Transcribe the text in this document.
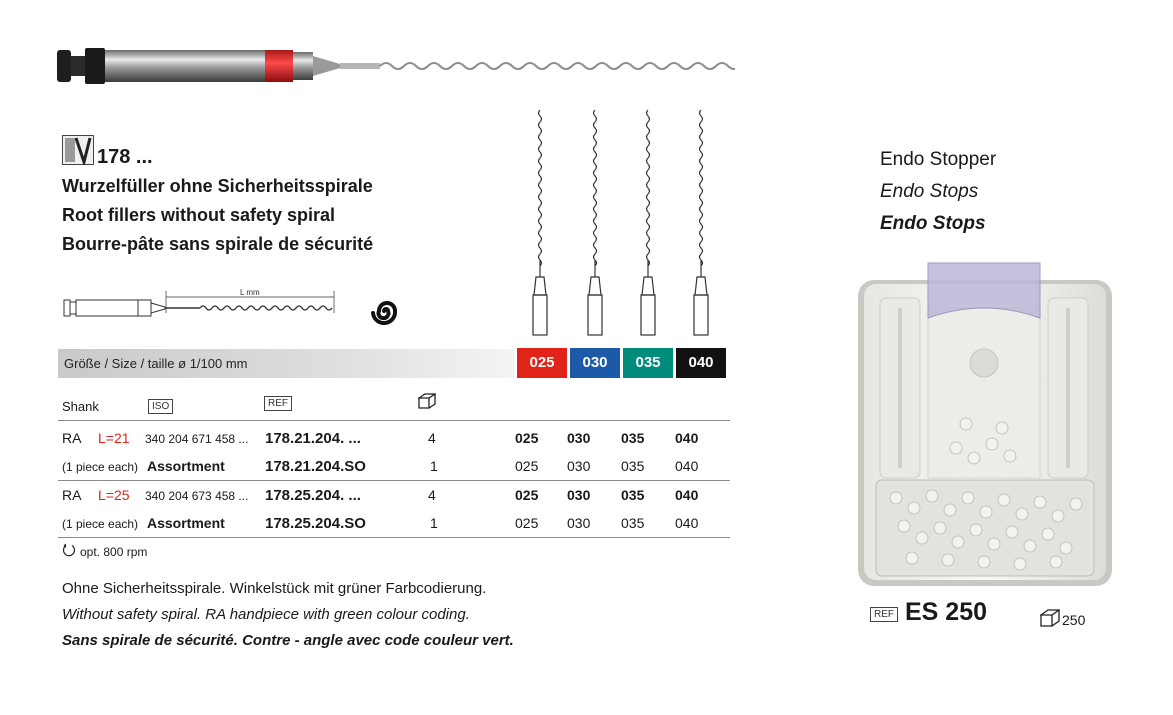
178 ...
Wurzelfüller ohne Sicherheitsspirale
Root fillers without safety spiral
Bourre-pâte sans spirale de sécurité
L mm
Größe / Size / taille ø 1/100 mm	025	030	035	040
Shank	ISO	REF
RA L=21 340 204 671 458 ... 178.21.204. ...	4	025 030 035 040
(1 piece each) Assortment	178.21.204.SO	1	025 030 035 040
RA L=25 340 204 673 458 ... 178.25.204. ...	4	025 030 035 040
(1 piece each) Assortment	178.25.204.SO	1	025 030 035 040
opt. 800 rpm
Ohne Sicherheitsspirale. Winkelstück mit grüner Farbcodierung.
Without safety spiral. RA handpiece with green colour coding.
Sans spirale de sécurité. Contre - angle avec code couleur vert.
Endo Stopper
Endo Stops
Endo Stops
REF ES 250	250
